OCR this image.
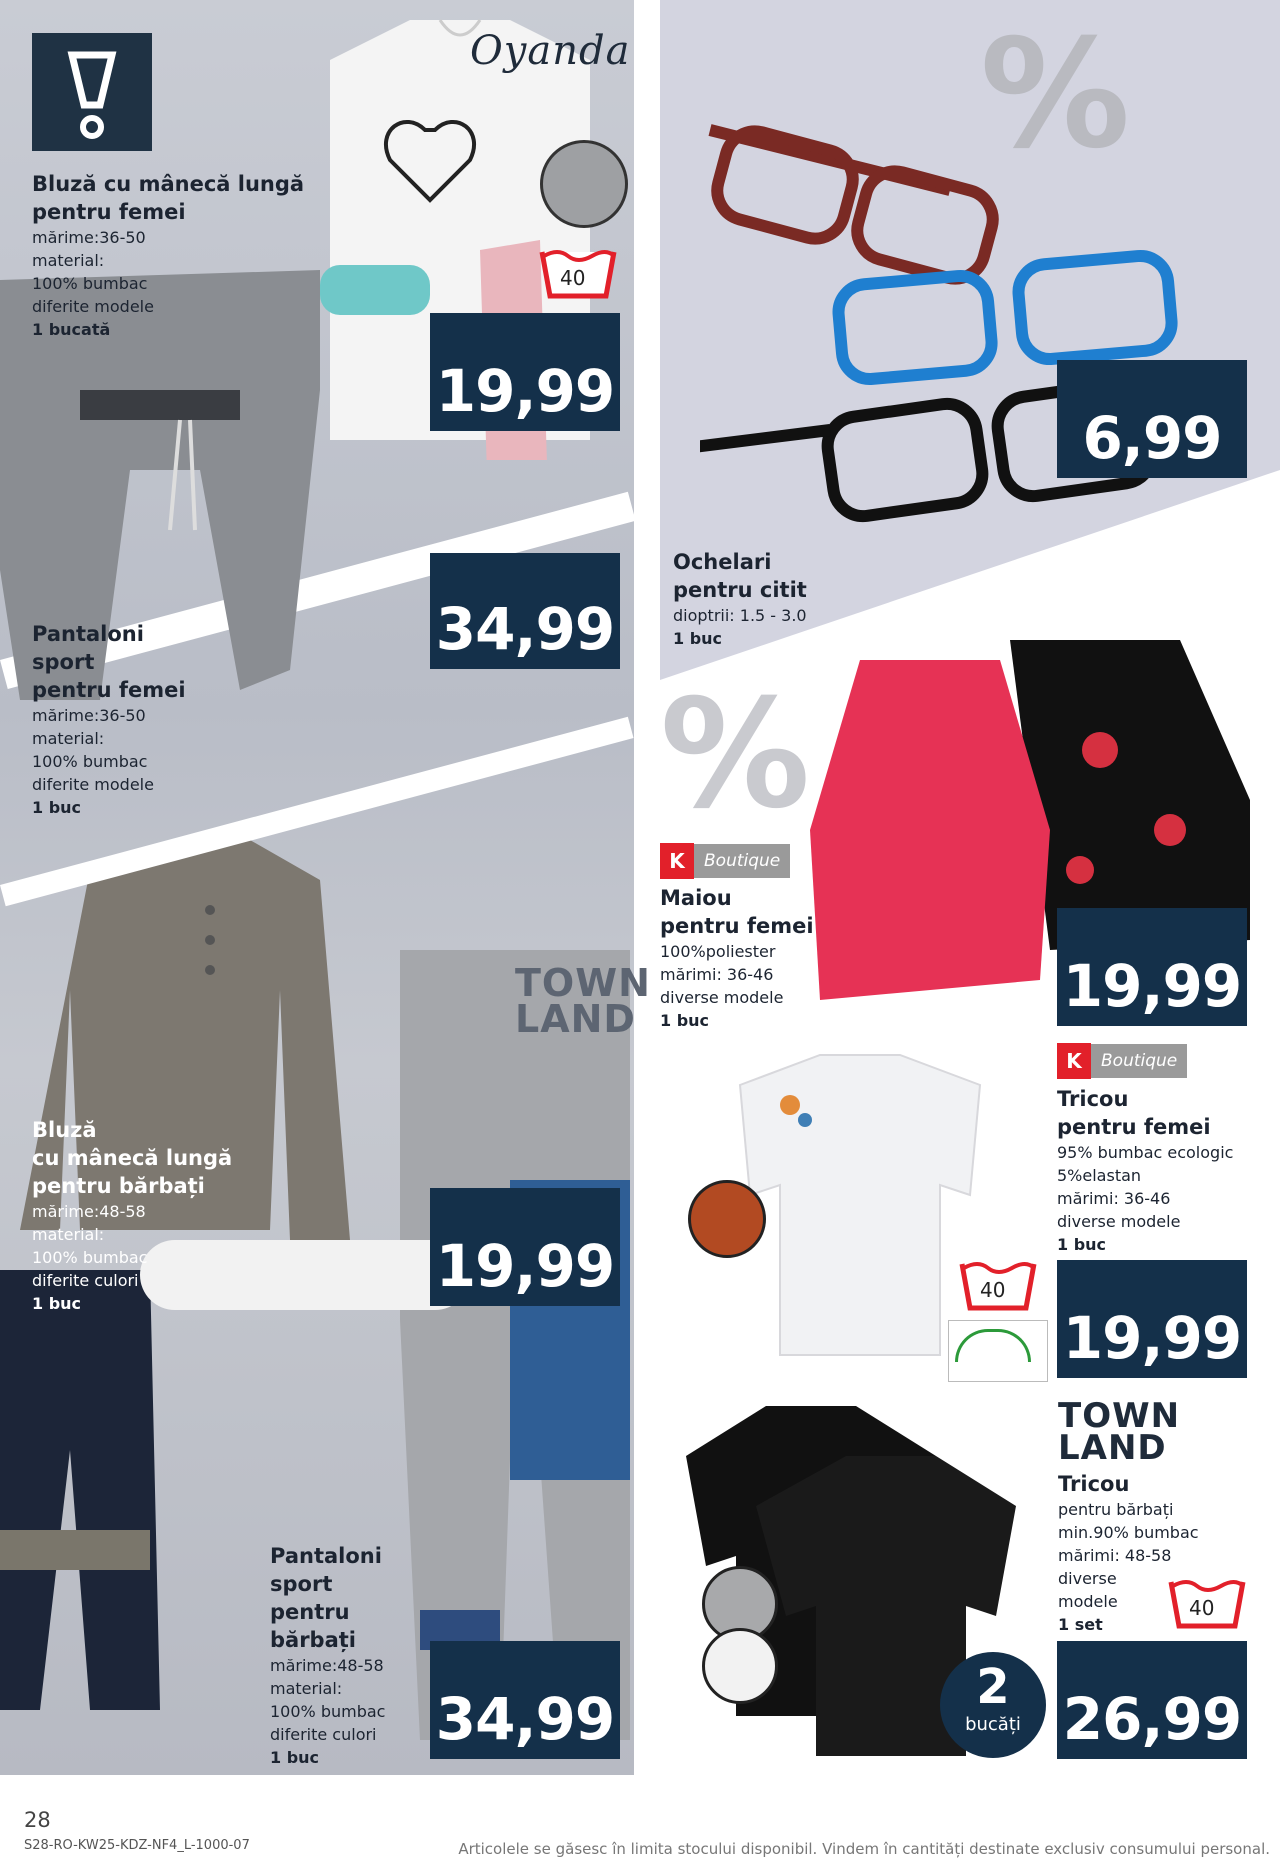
Oyanda
40
Bluză cu mânecă lungă
pentru femei
mărime:36-50
material:
100% bumbac
diferite modele
1 bucată
19,99
Pantaloni
sport
pentru femei
mărime:36-50
material:
100% bumbac
diferite modele
1 buc
34,99
TOWN
LAND
Bluză
cu mânecă lungă
pentru bărbați
mărime:48-58
material:
100% bumbac
diferite culori
1 buc
19,99
Pantaloni
sport
pentru
bărbați
mărime:48-58
material:
100% bumbac
diferite culori
1 buc
34,99
%
Ochelari
pentru citit
dioptrii: 1.5 - 3.0
1 buc
6,99
%
K	Boutique
Maiou
pentru femei
100%poliester
mărimi: 36-46
diverse modele
1 buc
19,99
40
K	Boutique
Tricou
pentru femei
95% bumbac ecologic
5%elastan
mărimi: 36-46
diverse modele
1 buc
19,99
2
bucăți
TOWN
LAND
Tricou
pentru bărbați
min.90% bumbac
mărimi: 48-58
diverse
modele
1 set
40
26,99
28
S28-RO-KW25-KDZ-NF4_L-1000-07	Articolele se găsesc în limita stocului disponibil. Vindem în cantități destinate exclusiv consumului personal.
